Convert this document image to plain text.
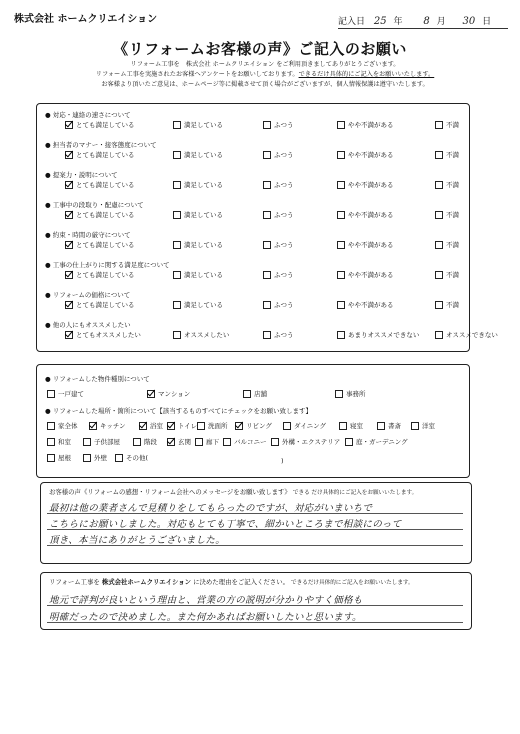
株式会社 ホームクリエイション	記入日 25 年 8 月 30 日
《リフォームお客様の声》ご記入のお願い
リフォーム工事を　株式会社 ホームクリエイション をご利用頂きましてありがとうございます。
リフォーム工事を実施されたお客様へアンケートをお願いしております。できるだけ具体的にご記入をお願いいたします。
お客様より頂いたご意見は、ホームページ等に掲載させて頂く場合がございますが、個人情報保護は遵守いたします。
● 対応・連絡の速さについて
とても満足している	満足している	ふつう	やや不満がある	不満
● 担当者のマナー・接客態度について
とても満足している	満足している	ふつう	やや不満がある	不満
● 提案力・説明について
とても満足している	満足している	ふつう	やや不満がある	不満
● 工事中の段取り・配慮について
とても満足している	満足している	ふつう	やや不満がある	不満
● 約束・時間の厳守について
とても満足している	満足している	ふつう	やや不満がある	不満
● 工事の仕上がりに関する満足度について
とても満足している	満足している	ふつう	やや不満がある	不満
● リフォームの価格について
とても満足している	満足している	ふつう	やや不満がある	不満
● 他の人にもオススメしたい
とてもオススメしたい	オススメしたい	ふつう	あまりオススメできない	オススメできない
● リフォームした物件種別について
一戸建て	マンション	店舗	事務所
● リフォームした場所・箇所について【該当するものすべてにチェックをお願い致します】
家全体	キッチン	浴室	トイレ	洗面所	リビング	ダイニング	寝室	書斎	洋室
和室	子供部屋	階段	玄関	廊下	バルコニー	外構・エクステリア	庭・ガーデニング
屋根	外壁	その他(	)
お客様の声《リフォームの感想・リフォーム会社へのメッセージをお願い致します》 できる だけ具体的にご記入をお願いいたします。
最初は他の業者さんで見積りをしてもらったのですが、対応がいまいちで
こちらにお願いしました。対応もとても丁寧で、細かいところまで相談にのって
頂き、本当にありがとうございました。
リフォーム工事を 株式会社ホームクリエイション に決めた理由をご記入ください。 できるだけ具体的にご記入をお願いいたします。
地元で評判が良いという理由と、営業の方の説明が分かりやすく価格も
明確だったので決めました。また何かあればお願いしたいと思います。
